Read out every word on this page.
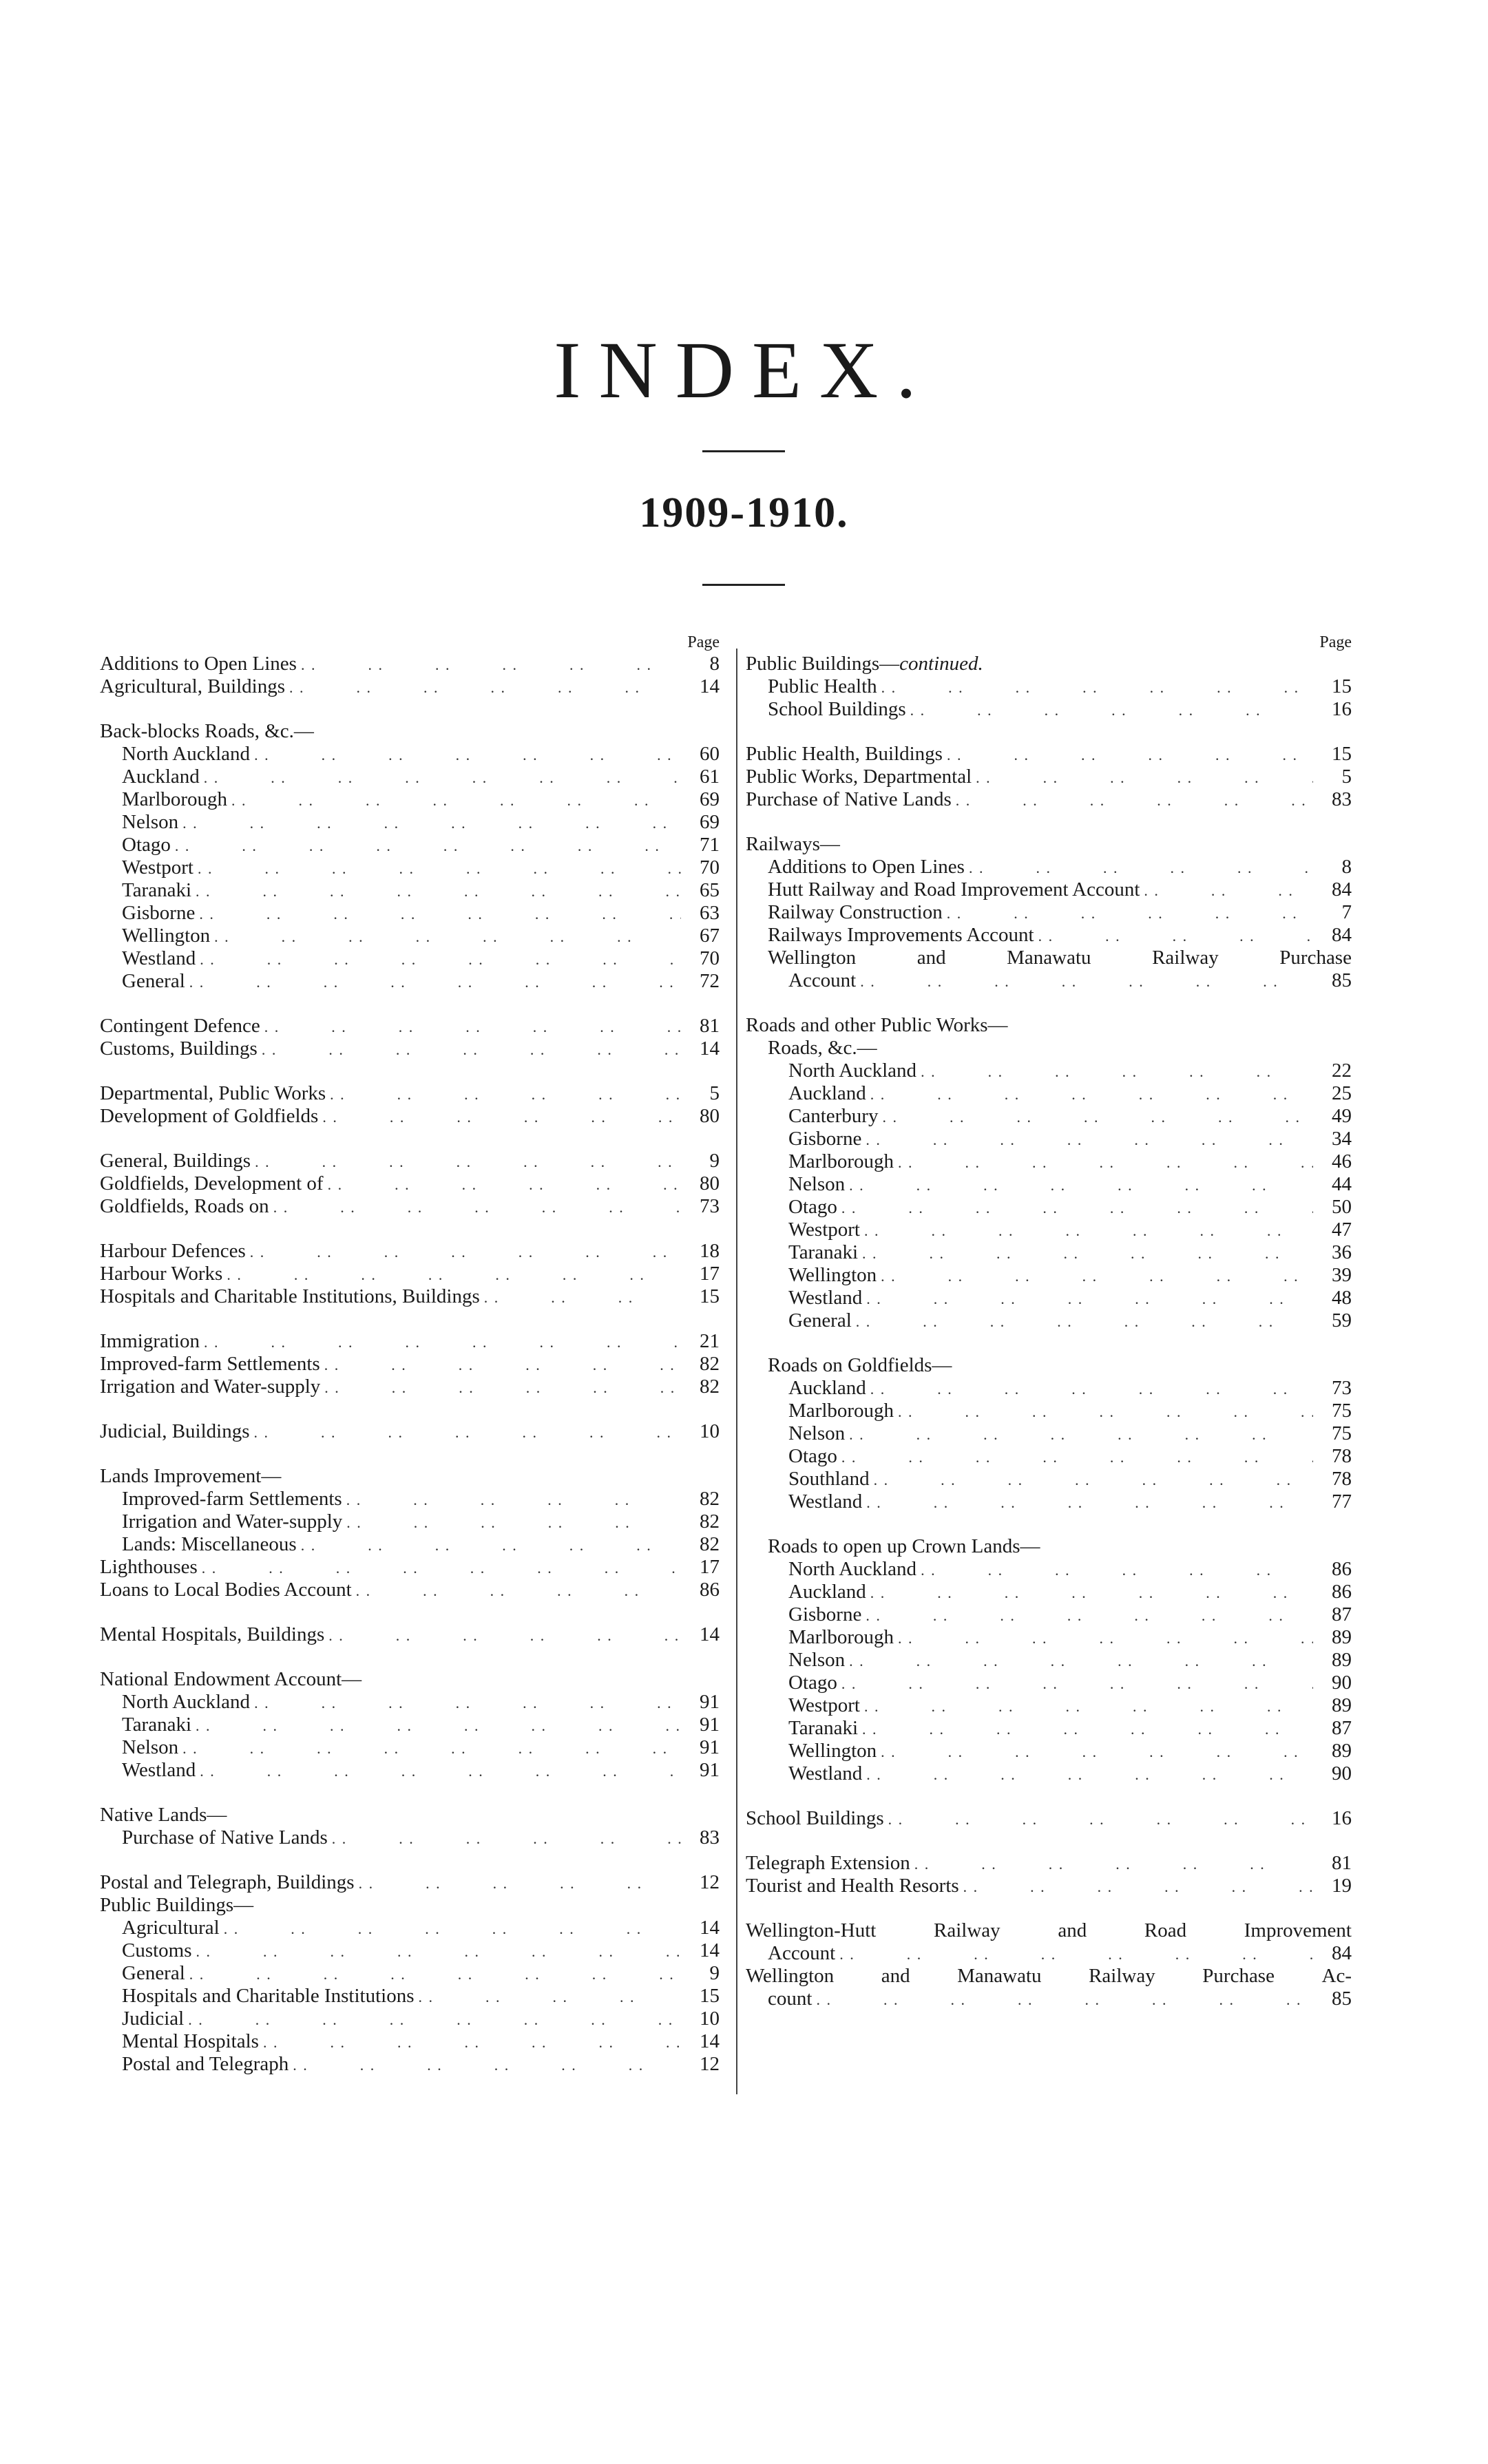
INDEX.
1909-1910.
Page
Additions to Open Lines . .	8
Agricultural, Buildings . .	14
Back-blocks Roads, &c.—
North Auckland . .	60
Auckland . .	61
Marlborough . .	69
Nelson . .	69
Otago . .	71
Westport . .	70
Taranaki . .	65
Gisborne . .	63
Wellington . .	67
Westland . .	70
General . .	72
Contingent Defence . .	81
Customs, Buildings . .	14
Departmental, Public Works . .	5
Development of Goldfields . .	80
General, Buildings . .	9
Goldfields, Development of . .	80
Goldfields, Roads on . .	73
Harbour Defences . .	18
Harbour Works . .	17
Hospitals and Charitable Institutions, Buildings . .	15
Immigration . .	21
Improved-farm Settlements . .	82
Irrigation and Water-supply . .	82
Judicial, Buildings . .	10
Lands Improvement—
Improved-farm Settlements . .	82
Irrigation and Water-supply . .	82
Lands: Miscellaneous . .	82
Lighthouses . .	17
Loans to Local Bodies Account . .	86
Mental Hospitals, Buildings . .	14
National Endowment Account—
North Auckland . .	91
Taranaki . .	91
Nelson . .	91
Westland . .	91
Native Lands—
Purchase of Native Lands . .	83
Postal and Telegraph, Buildings . .	12
Public Buildings—
Agricultural . .	14
Customs . .	14
General . .	9
Hospitals and Charitable Institutions . .	15
Judicial . .	10
Mental Hospitals . .	14
Postal and Telegraph . .	12
Page
Public Buildings—continued.
Public Health . .	15
School Buildings . .	16
Public Health, Buildings . .	15
Public Works, Departmental . .	5
Purchase of Native Lands . .	83
Railways—
Additions to Open Lines . .	8
Hutt Railway and Road Improvement Account . .	84
Railway Construction . .	7
Railways Improvements Account . .	84
Wellington	and	Manawatu	Railway	Purchase
Account . .	85
Roads and other Public Works—
Roads, &c.—
North Auckland . .	22
Auckland . .	25
Canterbury . .	49
Gisborne . .	34
Marlborough . .	46
Nelson . .	44
Otago . .	50
Westport . .	47
Taranaki . .	36
Wellington . .	39
Westland . .	48
General . .	59
Roads on Goldfields—
Auckland . .	73
Marlborough . .	75
Nelson . .	75
Otago . .	78
Southland . .	78
Westland . .	77
Roads to open up Crown Lands—
North Auckland . .	86
Auckland . .	86
Gisborne . .	87
Marlborough . .	89
Nelson . .	89
Otago . .	90
Westport . .	89
Taranaki . .	87
Wellington . .	89
Westland . .	90
School Buildings . .	16
Telegraph Extension . .	81
Tourist and Health Resorts . .	19
Wellington-Hutt	Railway	and	Road	Improvement
Account . .	84
Wellington and Manawatu Railway Purchase Ac-
count . .	85
